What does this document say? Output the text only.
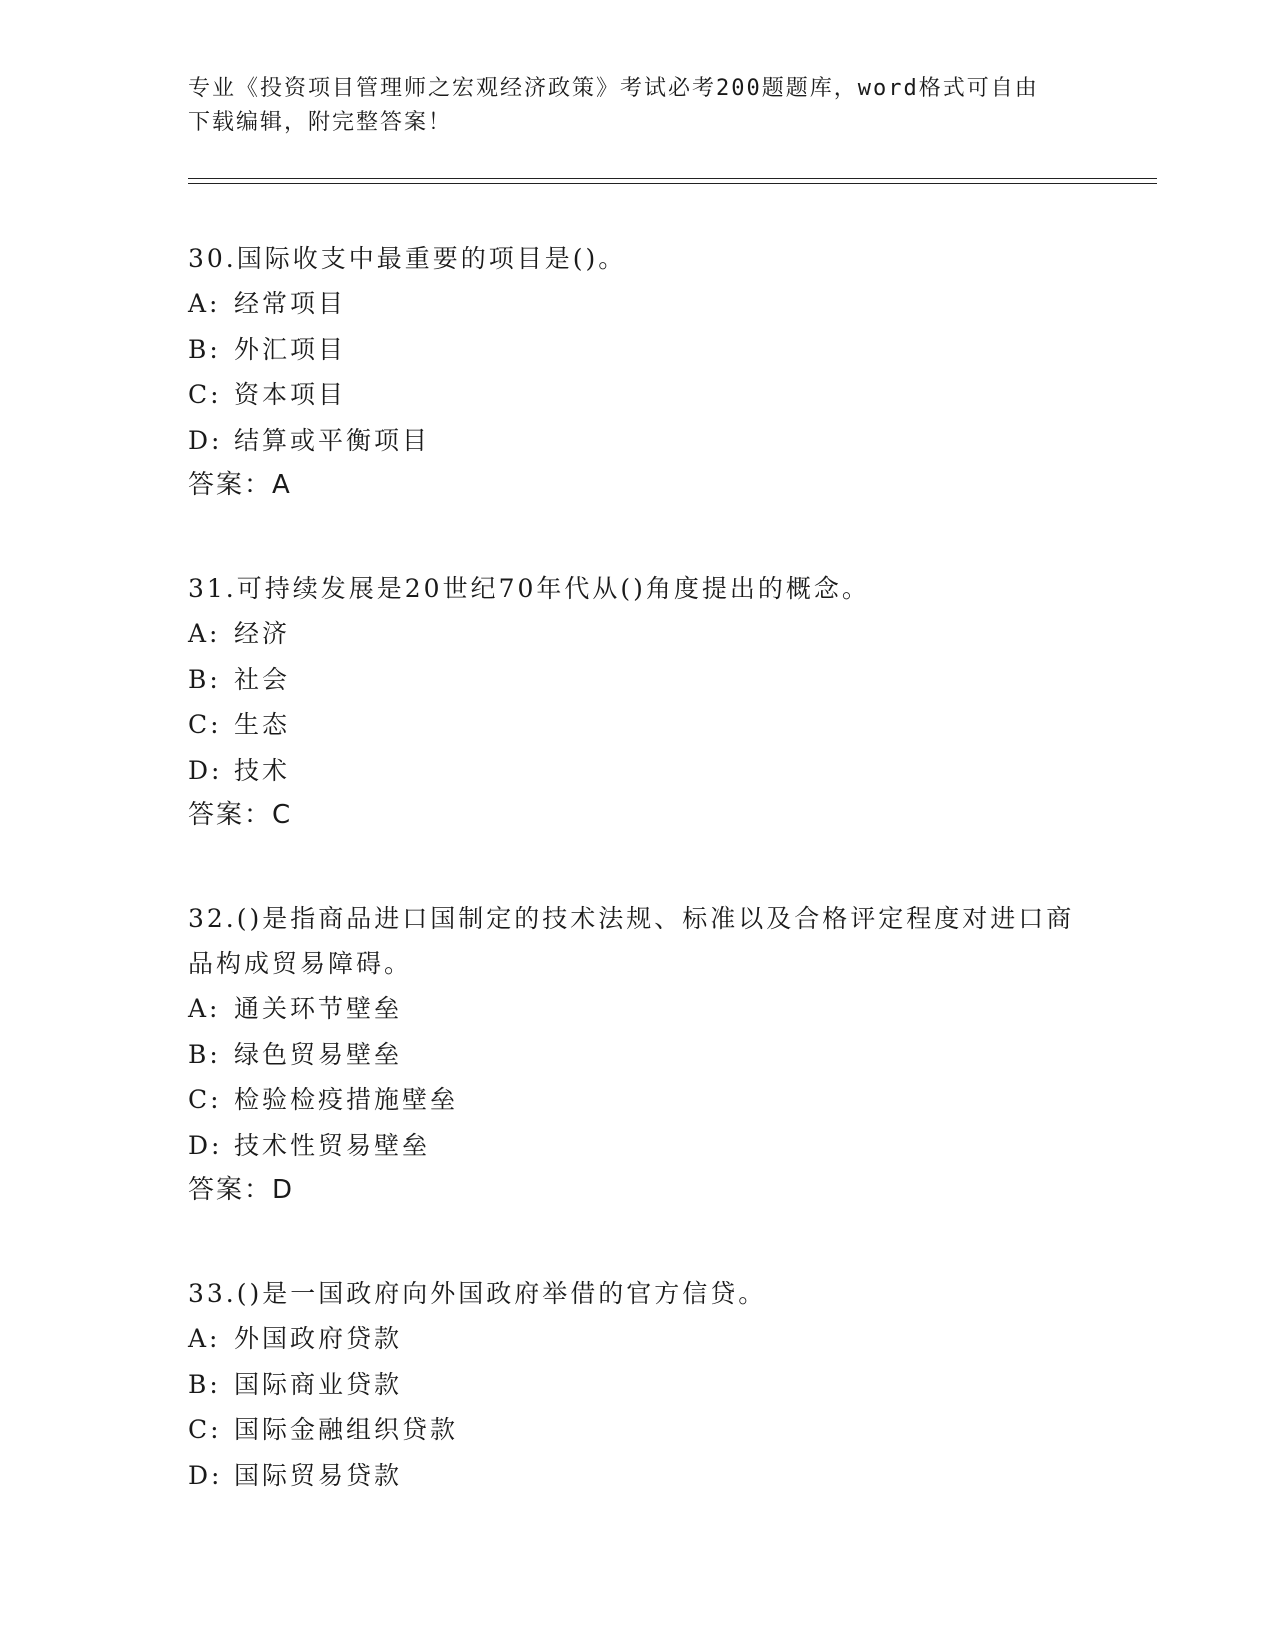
专业《投资项目管理师之宏观经济政策》考试必考200题题库，word格式可自由
下载编辑，附完整答案！
30.国际收支中最重要的项目是()。
A: 经常项目
B: 外汇项目
C: 资本项目
D: 结算或平衡项目
答案：A
31.可持续发展是20世纪70年代从()角度提出的概念。
A: 经济
B: 社会
C: 生态
D: 技术
答案：C
32.()是指商品进口国制定的技术法规、标准以及合格评定程度对进口商品构成贸易障碍。
A: 通关环节壁垒
B: 绿色贸易壁垒
C: 检验检疫措施壁垒
D: 技术性贸易壁垒
答案：D
33.()是一国政府向外国政府举借的官方信贷。
A: 外国政府贷款
B: 国际商业贷款
C: 国际金融组织贷款
D: 国际贸易贷款
